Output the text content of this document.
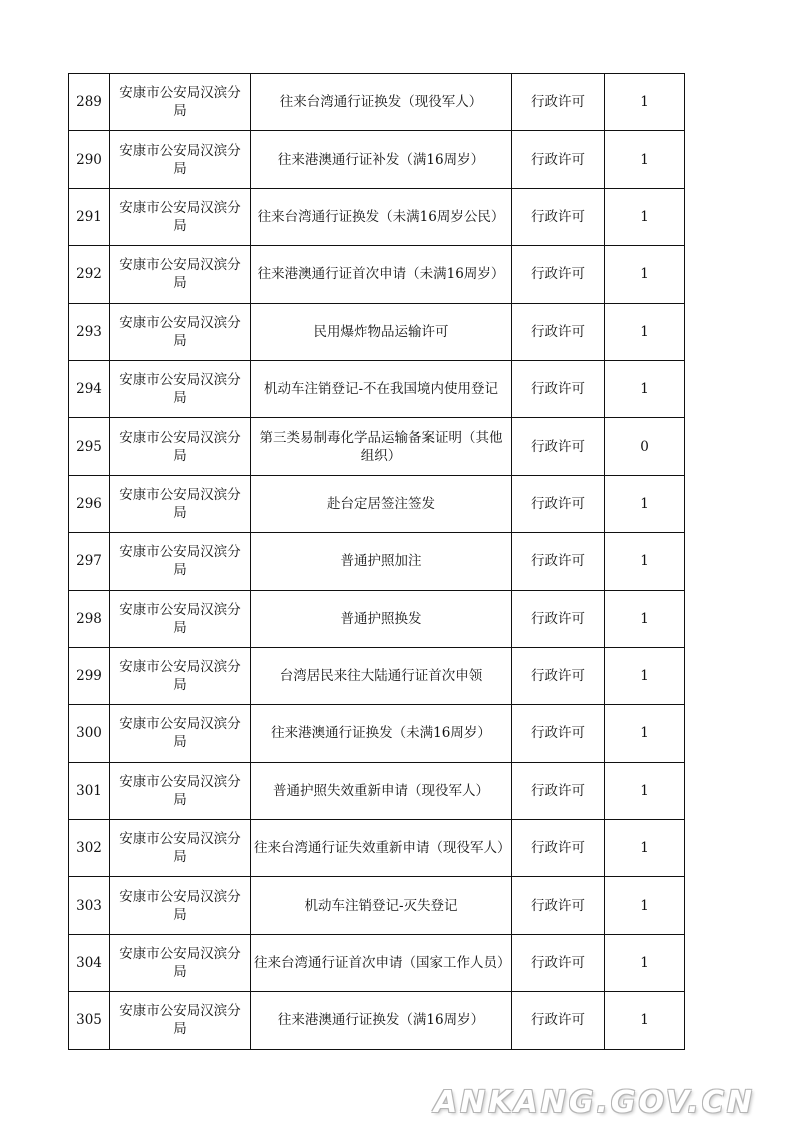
289	安康市公安局汉滨分局	往来台湾通行证换发（现役军人）	行政许可	1
290	安康市公安局汉滨分局	往来港澳通行证补发（满16周岁）	行政许可	1
291	安康市公安局汉滨分局	往来台湾通行证换发（未满16周岁公民）	行政许可	1
292	安康市公安局汉滨分局	往来港澳通行证首次申请（未满16周岁）	行政许可	1
293	安康市公安局汉滨分局	民用爆炸物品运输许可	行政许可	1
294	安康市公安局汉滨分局	机动车注销登记-不在我国境内使用登记	行政许可	1
295	安康市公安局汉滨分局	第三类易制毒化学品运输备案证明（其他组织）	行政许可	0
296	安康市公安局汉滨分局	赴台定居签注签发	行政许可	1
297	安康市公安局汉滨分局	普通护照加注	行政许可	1
298	安康市公安局汉滨分局	普通护照换发	行政许可	1
299	安康市公安局汉滨分局	台湾居民来往大陆通行证首次申领	行政许可	1
300	安康市公安局汉滨分局	往来港澳通行证换发（未满16周岁）	行政许可	1
301	安康市公安局汉滨分局	普通护照失效重新申请（现役军人）	行政许可	1
302	安康市公安局汉滨分局	往来台湾通行证失效重新申请（现役军人）	行政许可	1
303	安康市公安局汉滨分局	机动车注销登记-灭失登记	行政许可	1
304	安康市公安局汉滨分局	往来台湾通行证首次申请（国家工作人员）	行政许可	1
305	安康市公安局汉滨分局	往来港澳通行证换发（满16周岁）	行政许可	1
ANKANG.GOV.CN
